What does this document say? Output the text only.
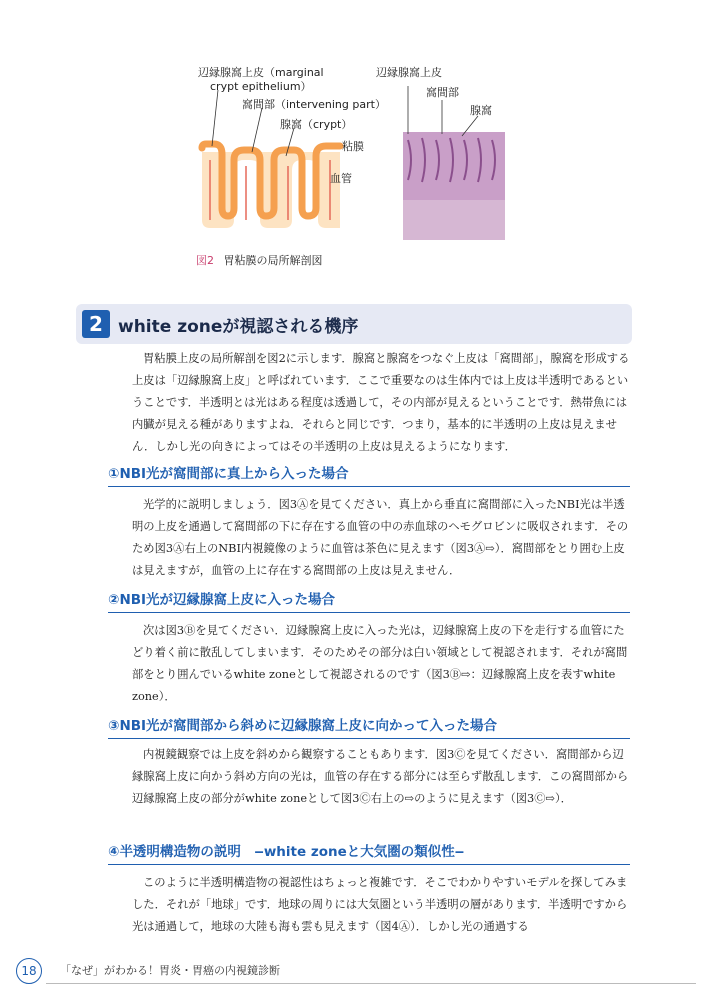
辺縁腺窩上皮（marginal
crypt epithelium）
窩間部（intervening part）
腺窩（crypt）
粘膜
血管
辺縁腺窩上皮
窩間部
腺窩
図2 胃粘膜の局所解剖図
2 white zoneが視認される機序
胃粘膜上皮の局所解剖を図2に示します．腺窩と腺窩をつなぐ上皮は「窩間部」，腺窩を形成する上皮は「辺縁腺窩上皮」と呼ばれています．ここで重要なのは生体内では上皮は半透明であるということです．半透明とは光はある程度は透過して，その内部が見えるということです．熱帯魚には内臓が見える種がありますよね．それらと同じです．つまり，基本的に半透明の上皮は見えません．しかし光の向きによってはその半透明の上皮は見えるようになります．
①NBI光が窩間部に真上から入った場合
光学的に説明しましょう．図3Ⓐを見てください．真上から垂直に窩間部に入ったNBI光は半透明の上皮を通過して窩間部の下に存在する血管の中の赤血球のヘモグロビンに吸収されます．そのため図3Ⓐ右上のNBI内視鏡像のように血管は茶色に見えます（図3Ⓐ⇨）．窩間部をとり囲む上皮は見えますが，血管の上に存在する窩間部の上皮は見えません．
②NBI光が辺縁腺窩上皮に入った場合
次は図3Ⓑを見てください．辺縁腺窩上皮に入った光は，辺縁腺窩上皮の下を走行する血管にたどり着く前に散乱してしまいます．そのためその部分は白い領域として視認されます．それが窩間部をとり囲んでいるwhite zoneとして視認されるのです（図3Ⓑ⇨：辺縁腺窩上皮を表すwhite zone）．
③NBI光が窩間部から斜めに辺縁腺窩上皮に向かって入った場合
内視鏡観察では上皮を斜めから観察することもあります．図3Ⓒを見てください．窩間部から辺縁腺窩上皮に向かう斜め方向の光は，血管の存在する部分には至らず散乱します．この窩間部から辺縁腺窩上皮の部分がwhite zoneとして図3Ⓒ右上の⇨のように見えます（図3Ⓒ⇨）．
④半透明構造物の説明　‒white zoneと大気圏の類似性‒
このように半透明構造物の視認性はちょっと複雑です．そこでわかりやすいモデルを探してみました．それが「地球」です．地球の周りには大気圏という半透明の層があります．半透明ですから光は通過して，地球の大陸も海も雲も見えます（図4Ⓐ）．しかし光の通過する
18	「なぜ」がわかる！胃炎・胃癌の内視鏡診断
